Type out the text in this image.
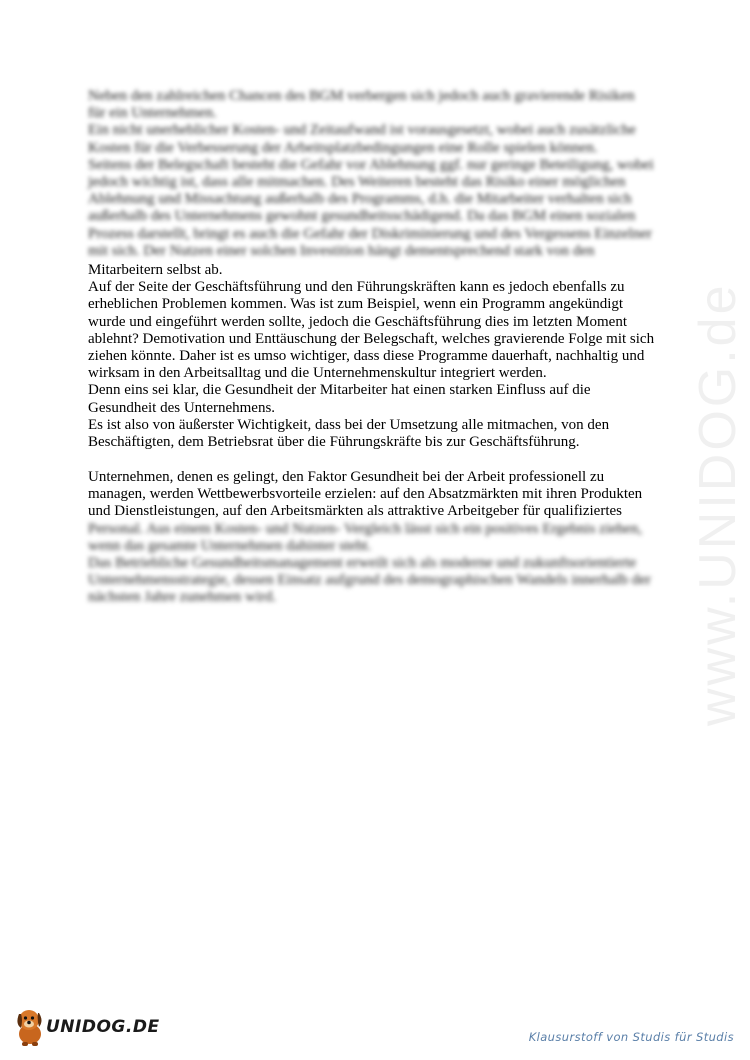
www.UNIDOG.de

Neben den zahlreichen Chancen des BGM verbergen sich jedoch auch gravierende Risiken

für ein Unternehmen.

Ein nicht unerheblicher Kosten- und Zeitaufwand ist vorausgesetzt, wobei auch zusätzliche

Kosten für die Verbesserung der Arbeitsplatzbedingungen eine Rolle spielen können.

Seitens der Belegschaft besteht die Gefahr vor Ablehnung ggf. nur geringe Beteiligung, wobei

jedoch wichtig ist, dass alle mitmachen. Des Weiteren besteht das Risiko einer möglichen

Ablehnung und Missachtung außerhalb des Programms, d.h. die Mitarbeiter verhalten sich

außerhalb des Unternehmens gewohnt gesundheitsschädigend. Da das BGM einen sozialen

Prozess darstellt, bringt es auch die Gefahr der Diskriminierung und des Vergessens Einzelner

mit sich. Der Nutzen einer solchen Investition hängt dementsprechend stark von den

Mitarbeitern selbst ab.

Auf der Seite der Geschäftsführung und den Führungskräften kann es jedoch ebenfalls zu

erheblichen Problemen kommen. Was ist zum Beispiel, wenn ein Programm angekündigt

wurde und eingeführt werden sollte, jedoch die Geschäftsführung dies im letzten Moment

ablehnt? Demotivation und Enttäuschung der Belegschaft, welches gravierende Folge mit sich

ziehen könnte. Daher ist es umso wichtiger, dass diese Programme dauerhaft, nachhaltig und

wirksam in den Arbeitsalltag und die Unternehmenskultur integriert werden.

Denn eins sei klar, die Gesundheit der Mitarbeiter hat einen starken Einfluss auf die

Gesundheit des Unternehmens.

Es ist also von äußerster Wichtigkeit, dass bei der Umsetzung alle mitmachen, von den

Beschäftigten, dem Betriebsrat über die Führungskräfte bis zur Geschäftsführung.

Unternehmen, denen es gelingt, den Faktor Gesundheit bei der Arbeit professionell zu

managen, werden Wettbewerbsvorteile erzielen: auf den Absatzmärkten mit ihren Produkten

und Dienstleistungen, auf den Arbeitsmärkten als attraktive Arbeitgeber für qualifiziertes

Personal. Aus einem Kosten- und Nutzen- Vergleich lässt sich ein positives Ergebnis ziehen,

wenn das gesamte Unternehmen dahinter steht.

Das Betriebliche Gesundheitsmanagement erweilt sich als moderne und zukunftsorientierte

Unternehmensstrategie, dessen Einsatz aufgrund des demographischen Wandels innerhalb der

nächsten Jahre zunehmen wird.

UNIDOG.DE	Klausurstoff von Studis für Studis
